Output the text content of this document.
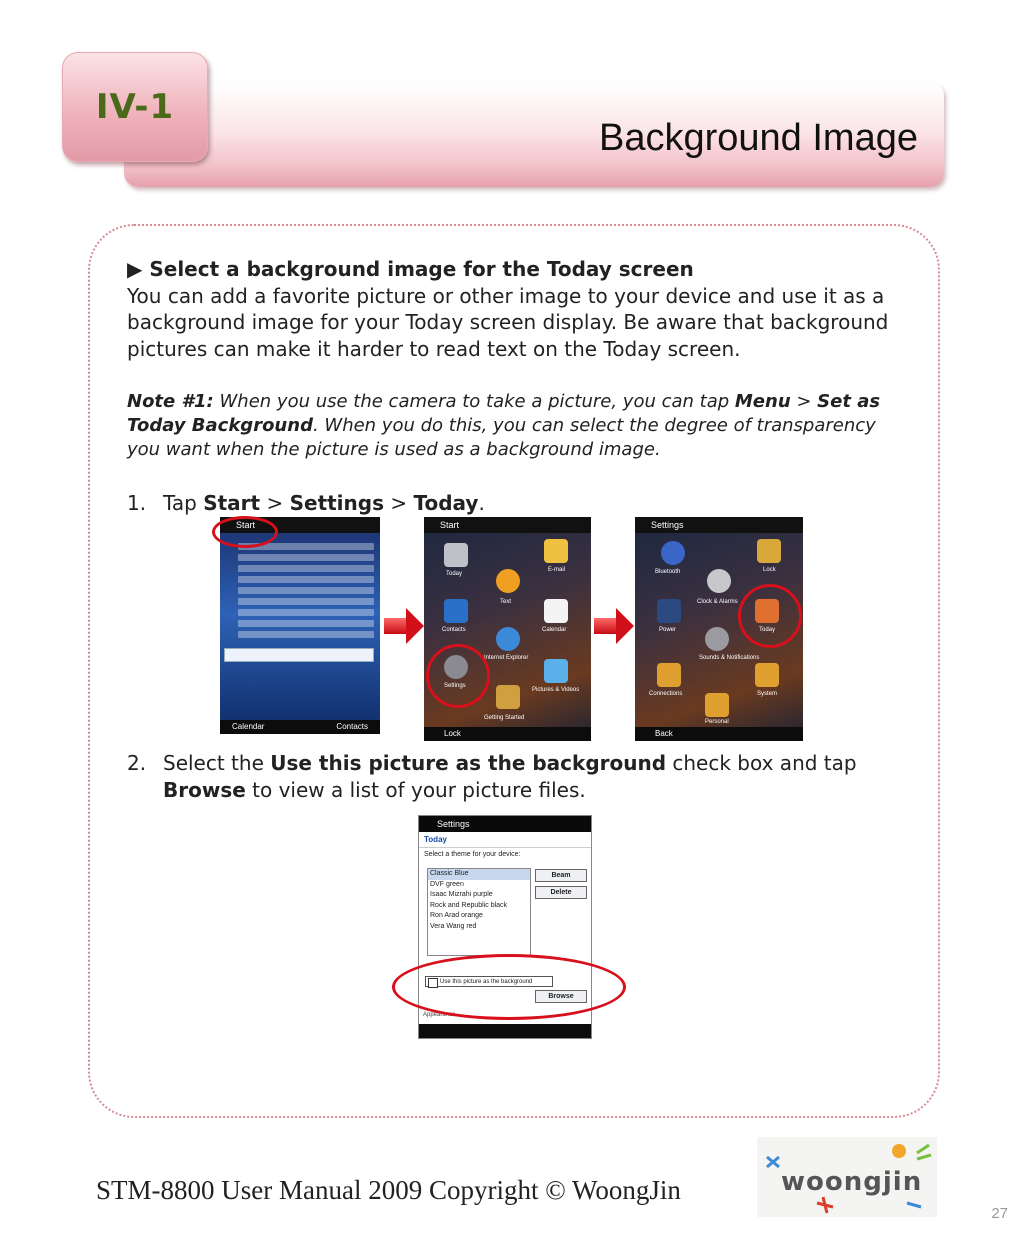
Background Image
IV-1

▶ Select a background image for the Today screen

You can add a favorite picture or other image to your device and use it as a background image for your Today screen display. Be aware that background pictures can make it harder to read text on the Today screen.

Note #1: When you use the camera to take a picture, you can tap Menu > Set as Today Background. When you do this, you can select the degree of transparency you want when the picture is used as a background image.

1. Tap Start > Settings > Today.

Start
Calendar	Contacts
Start
Today
E-mail
Text
Contacts	Calendar
Internet Explorer
Settings
Pictures & Videos
Getting Started
Lock
Settings
Bluetooth	Lock
Clock & Alarms
Power	Today
Sounds & Notifications
Connections	System
Personal
Back
2. Select the Use this picture as the background check box and tap
Browse to view a list of your picture files.
Settings
Today
Select a theme for your device:
Classic Blue
DVF green
Isaac Mizrahi purple
Rock and Republic black
Ron Arad orange
Vera Wang red
Beam
Delete
Use this picture as the background
Browse
Appearance
STM-8800 User Manual 2009 Copyright © WoongJin	woongjin
27
